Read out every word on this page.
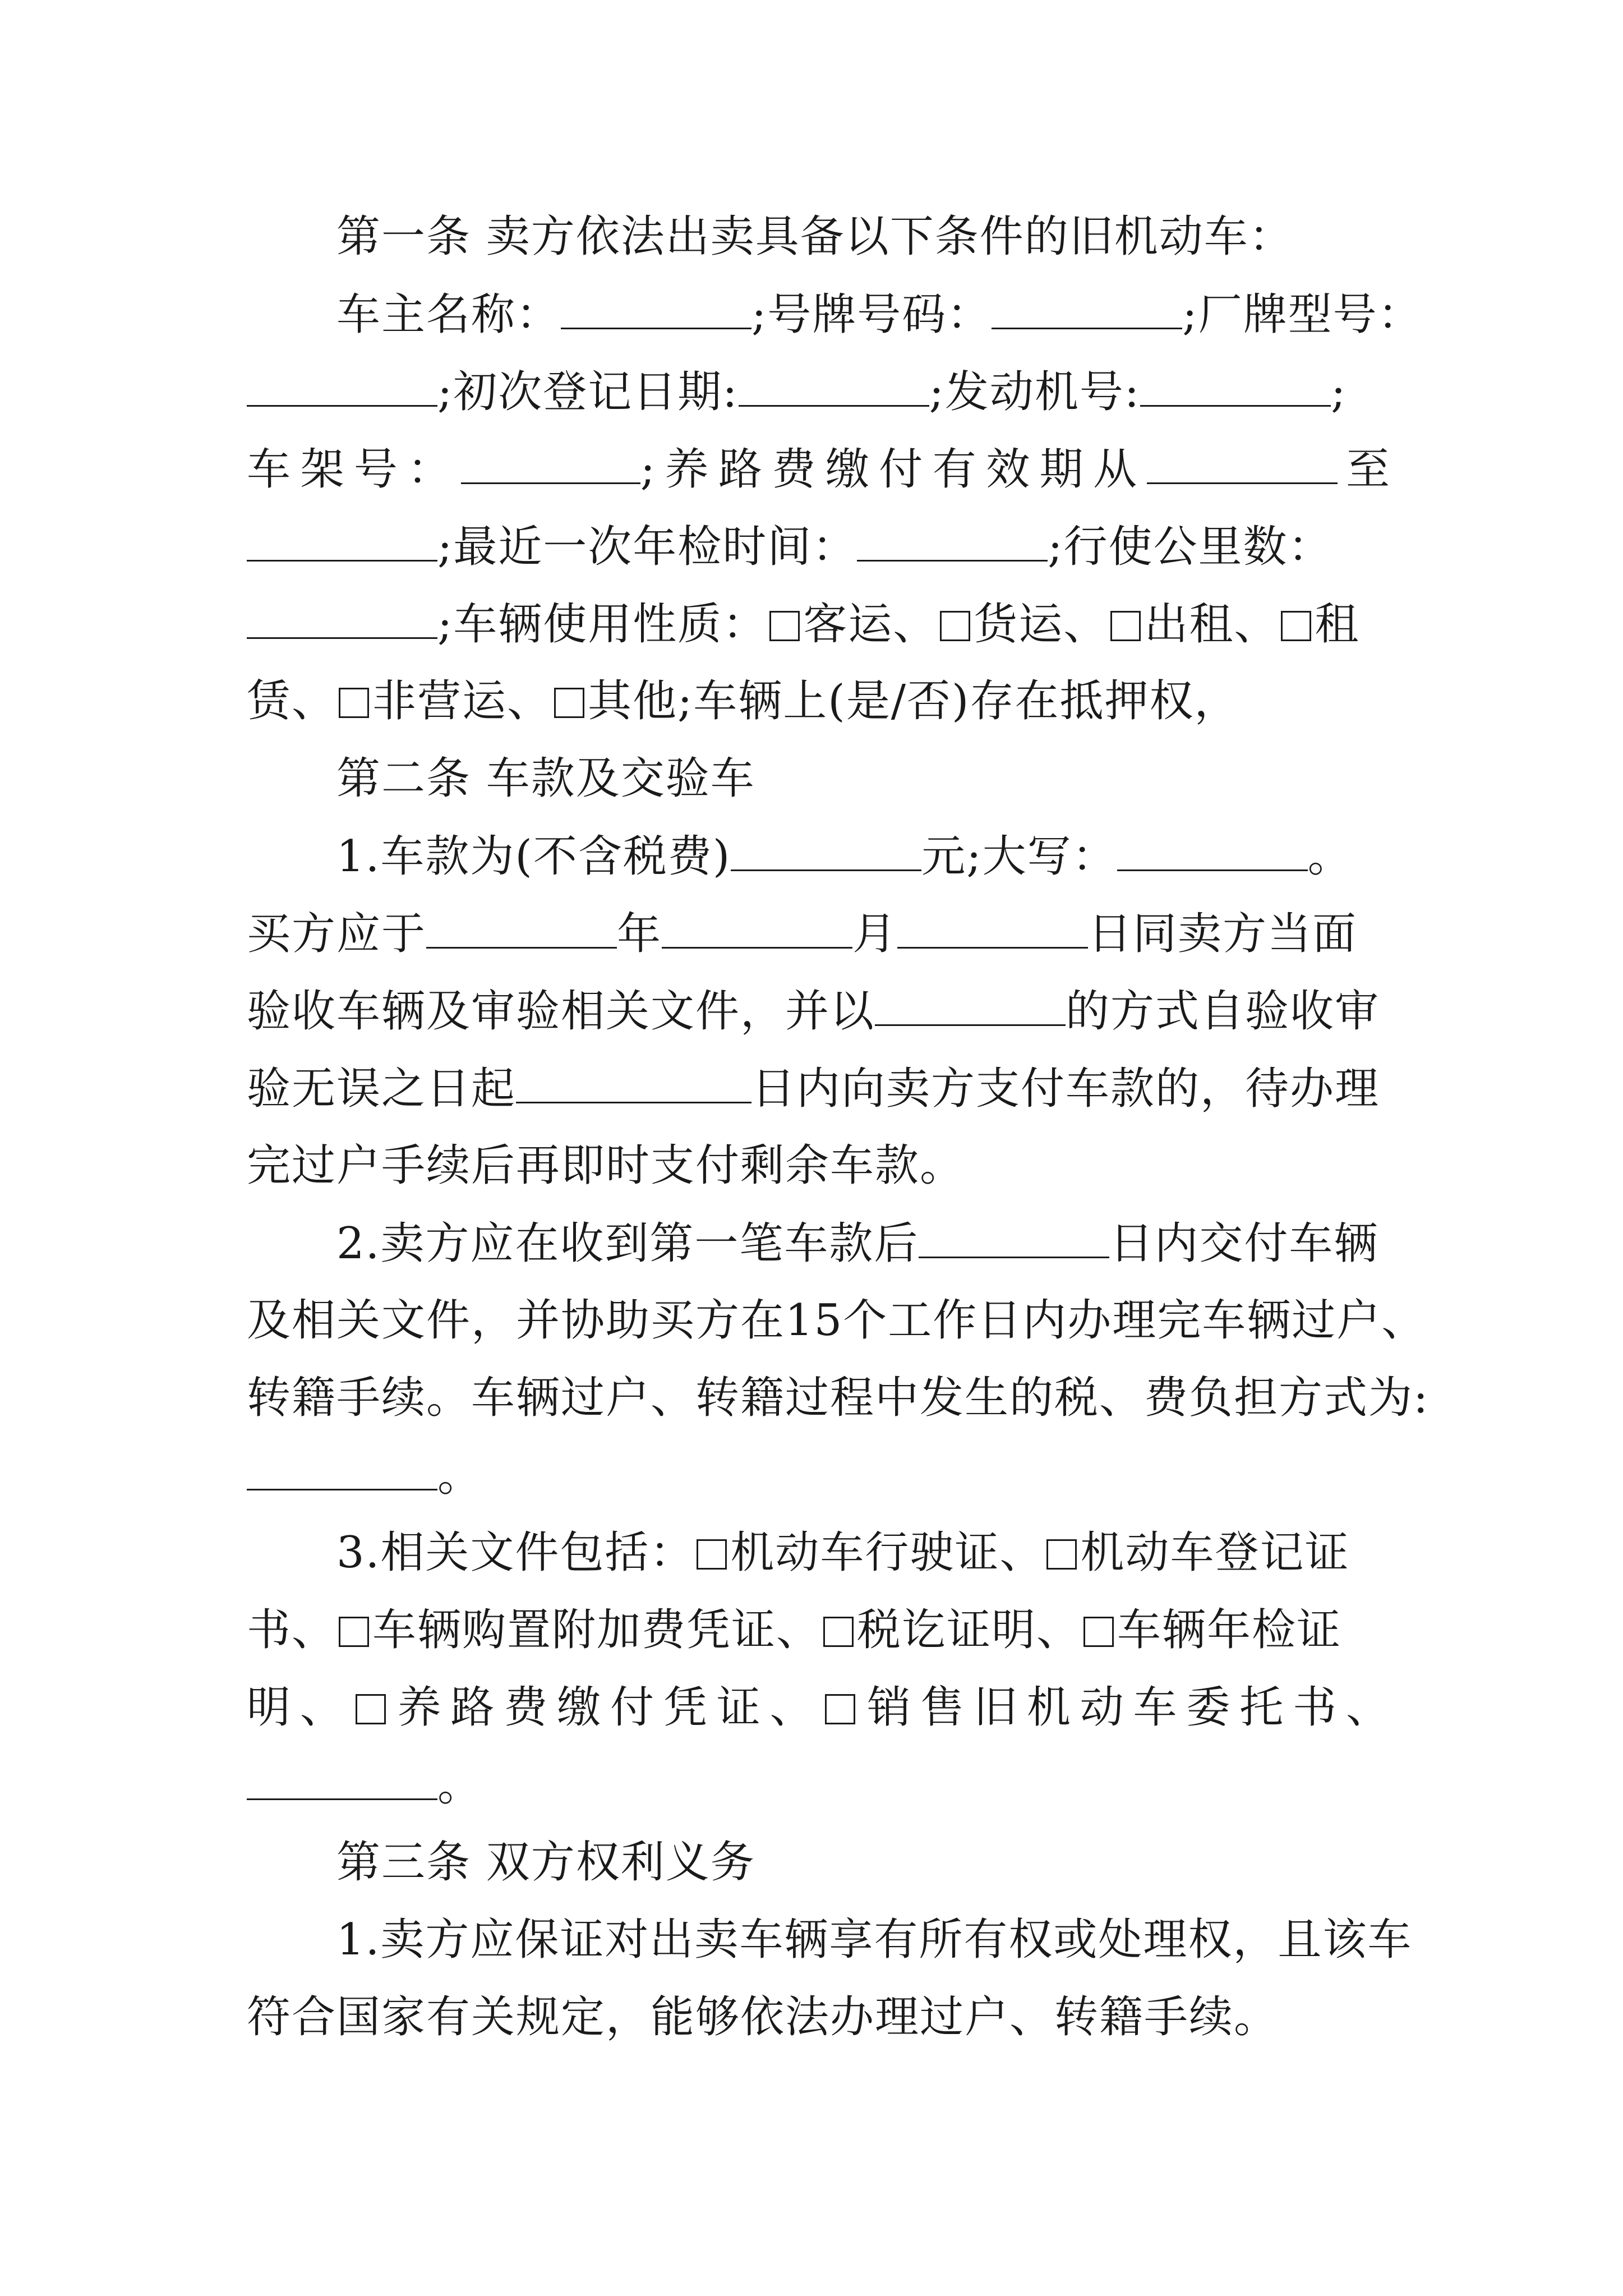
第一条 卖方依法出卖具备以下条件的旧机动车：
车主名称：	;号牌号码：	;厂牌型号：
;初次登记日期:	;发动机号:	;
车架号：	;养路费缴付有效期从	至
;最近一次年检时间：	;行使公里数：
;车辆使用性质： 客运、 货运、 出租、 租
赁、 非营运、 其他;车辆上(是/否)存在抵押权，
第二条 车款及交验车
1.车款为(不含税费)	元;大写：	。
买方应于	年	月	日同卖方当面
验收车辆及审验相关文件，并以	的方式自验收审
验无误之日起	日内向卖方支付车款的，待办理
完过户手续后再即时支付剩余车款。
2.卖方应在收到第一笔车款后	日内交付车辆
及相关文件，并协助买方在15个工作日内办理完车辆过户、
转籍手续。车辆过户、转籍过程中发生的税、费负担方式为:
。
3.相关文件包括： 机动车行驶证、 机动车登记证
书、 车辆购置附加费凭证、 税讫证明、 车辆年检证
明、 养路费缴付凭证、 销售旧机动车委托书、
。
第三条 双方权利义务
1.卖方应保证对出卖车辆享有所有权或处理权，且该车
符合国家有关规定，能够依法办理过户、转籍手续。
